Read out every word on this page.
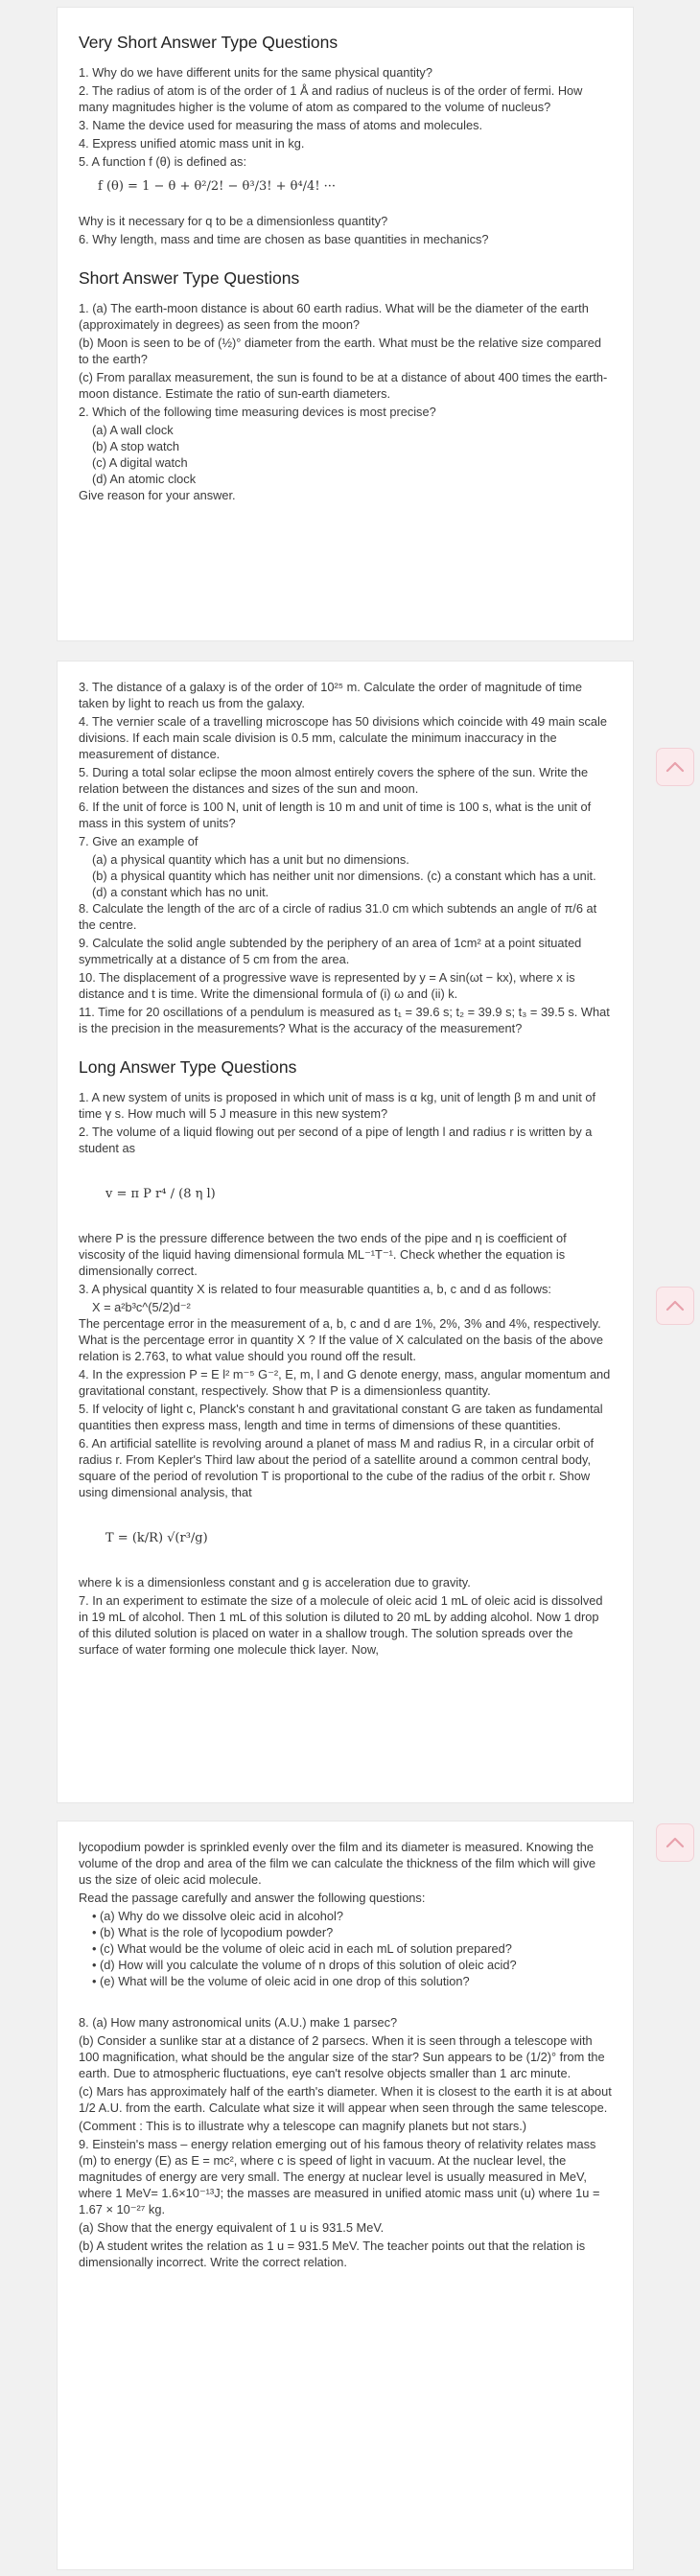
Very Short Answer Type Questions
1. Why do we have different units for the same physical quantity?
2. The radius of atom is of the order of 1 Å and radius of nucleus is of the order of fermi. How many magnitudes higher is the volume of atom as compared to the volume of nucleus?
3. Name the device used for measuring the mass of atoms and molecules.
4. Express unified atomic mass unit in kg.
5. A function f (θ) is defined as:
f (θ) = 1 − θ + θ²/2! − θ³/3! + θ⁴/4! ···
Why is it necessary for q to be a dimensionless quantity?
6. Why length, mass and time are chosen as base quantities in mechanics?
Short Answer Type Questions
1. (a) The earth-moon distance is about 60 earth radius. What will be the diameter of the earth (approximately in degrees) as seen from the moon?
(b) Moon is seen to be of (½)° diameter from the earth. What must be the relative size compared to the earth?
(c) From parallax measurement, the sun is found to be at a distance of about 400 times the earth-moon distance. Estimate the ratio of sun-earth diameters.
2. Which of the following time measuring devices is most precise?
(a) A wall clock
(b) A stop watch
(c) A digital watch
(d) An atomic clock
Give reason for your answer.
3. The distance of a galaxy is of the order of 10²⁵ m. Calculate the order of magnitude of time taken by light to reach us from the galaxy.
4. The vernier scale of a travelling microscope has 50 divisions which coincide with 49 main scale divisions. If each main scale division is 0.5 mm, calculate the minimum inaccuracy in the measurement of distance.
5. During a total solar eclipse the moon almost entirely covers the sphere of the sun. Write the relation between the distances and sizes of the sun and moon.
6. If the unit of force is 100 N, unit of length is 10 m and unit of time is 100 s, what is the unit of mass in this system of units?
7. Give an example of
(a) a physical quantity which has a unit but no dimensions.
(b) a physical quantity which has neither unit nor dimensions. (c) a constant which has a unit.
(d) a constant which has no unit.
8. Calculate the length of the arc of a circle of radius 31.0 cm which subtends an angle of π/6 at the centre.
9. Calculate the solid angle subtended by the periphery of an area of 1cm² at a point situated symmetrically at a distance of 5 cm from the area.
10. The displacement of a progressive wave is represented by y = A sin(ωt − kx), where x is distance and t is time. Write the dimensional formula of (i) ω and (ii) k.
11. Time for 20 oscillations of a pendulum is measured as t₁ = 39.6 s; t₂ = 39.9 s; t₃ = 39.5 s. What is the precision in the measurements? What is the accuracy of the measurement?
Long Answer Type Questions
1. A new system of units is proposed in which unit of mass is α kg, unit of length β m and unit of time γ s. How much will 5 J measure in this new system?
2. The volume of a liquid flowing out per second of a pipe of length l and radius r is written by a student as
v = π P r⁴ / (8 η l)
where P is the pressure difference between the two ends of the pipe and η is coefficient of viscosity of the liquid having dimensional formula ML⁻¹T⁻¹. Check whether the equation is dimensionally correct.
3. A physical quantity X is related to four measurable quantities a, b, c and d as follows:
X = a²b³c^(5/2)d⁻²
The percentage error in the measurement of a, b, c and d are 1%, 2%, 3% and 4%, respectively. What is the percentage error in quantity X ? If the value of X calculated on the basis of the above relation is 2.763, to what value should you round off the result.
4. In the expression P = E l² m⁻⁵ G⁻², E, m, l and G denote energy, mass, angular momentum and gravitational constant, respectively. Show that P is a dimensionless quantity.
5. If velocity of light c, Planck's constant h and gravitational constant G are taken as fundamental quantities then express mass, length and time in terms of dimensions of these quantities.
6. An artificial satellite is revolving around a planet of mass M and radius R, in a circular orbit of radius r. From Kepler's Third law about the period of a satellite around a common central body, square of the period of revolution T is proportional to the cube of the radius of the orbit r. Show using dimensional analysis, that
T = (k/R) √(r³/g)
where k is a dimensionless constant and g is acceleration due to gravity.
7. In an experiment to estimate the size of a molecule of oleic acid 1 mL of oleic acid is dissolved in 19 mL of alcohol. Then 1 mL of this solution is diluted to 20 mL by adding alcohol. Now 1 drop of this diluted solution is placed on water in a shallow trough. The solution spreads over the surface of water forming one molecule thick layer. Now,
lycopodium powder is sprinkled evenly over the film and its diameter is measured. Knowing the volume of the drop and area of the film we can calculate the thickness of the film which will give us the size of oleic acid molecule.
Read the passage carefully and answer the following questions:
• (a) Why do we dissolve oleic acid in alcohol?
• (b) What is the role of lycopodium powder?
• (c) What would be the volume of oleic acid in each mL of solution prepared?
• (d) How will you calculate the volume of n drops of this solution of oleic acid?
• (e) What will be the volume of oleic acid in one drop of this solution?
8. (a) How many astronomical units (A.U.) make 1 parsec?
(b) Consider a sunlike star at a distance of 2 parsecs. When it is seen through a telescope with 100 magnification, what should be the angular size of the star? Sun appears to be (1/2)° from the earth. Due to atmospheric fluctuations, eye can't resolve objects smaller than 1 arc minute.
(c) Mars has approximately half of the earth's diameter. When it is closest to the earth it is at about 1/2 A.U. from the earth. Calculate what size it will appear when seen through the same telescope.
(Comment : This is to illustrate why a telescope can magnify planets but not stars.)
9. Einstein's mass – energy relation emerging out of his famous theory of relativity relates mass (m) to energy (E) as E = mc², where c is speed of light in vacuum. At the nuclear level, the magnitudes of energy are very small. The energy at nuclear level is usually measured in MeV, where 1 MeV= 1.6×10⁻¹³J; the masses are measured in unified atomic mass unit (u) where 1u = 1.67 × 10⁻²⁷ kg.
(a) Show that the energy equivalent of 1 u is 931.5 MeV.
(b) A student writes the relation as 1 u = 931.5 MeV. The teacher points out that the relation is dimensionally incorrect. Write the correct relation.
